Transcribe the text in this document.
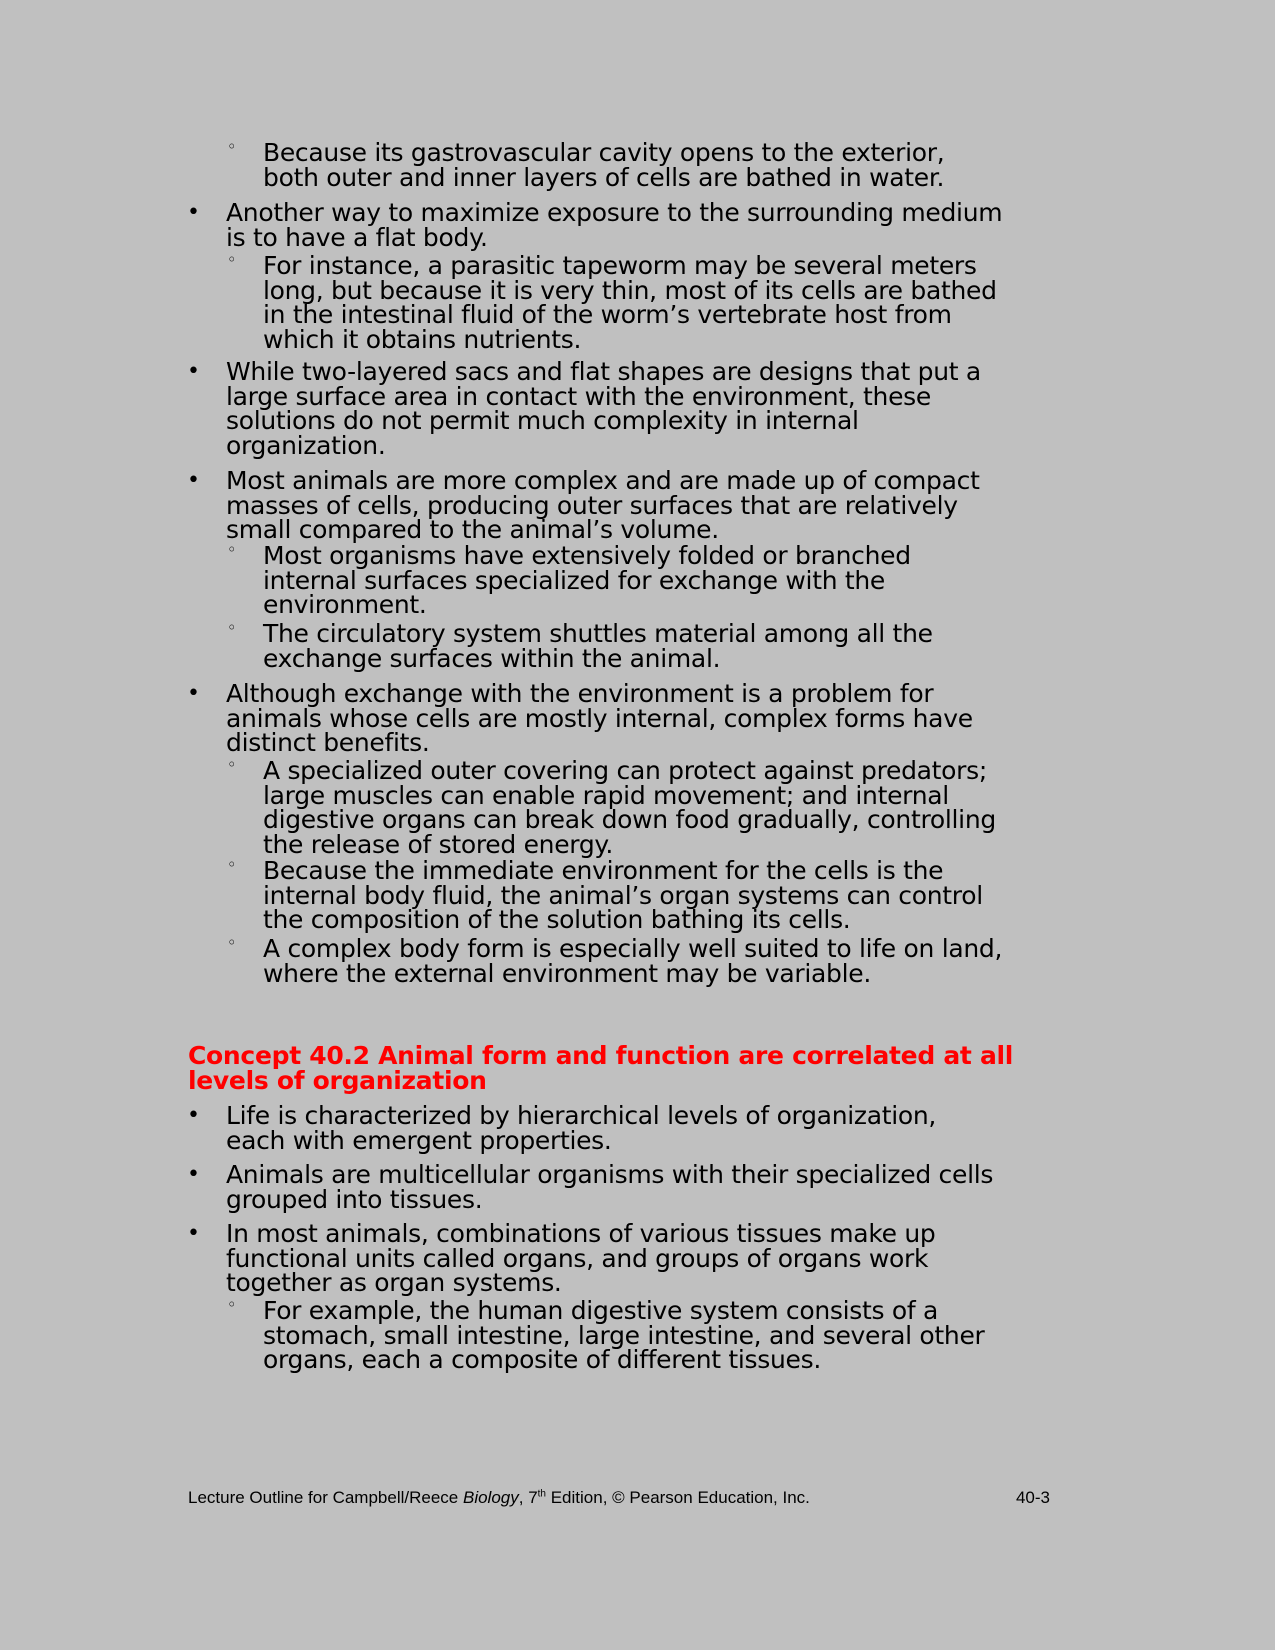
◦ Because its gastrovascular cavity opens to the exterior,
both outer and inner layers of cells are bathed in water.
• Another way to maximize exposure to the surrounding medium
is to have a flat body.
◦ For instance, a parasitic tapeworm may be several meters
long, but because it is very thin, most of its cells are bathed
in the intestinal fluid of the worm’s vertebrate host from
which it obtains nutrients.
• While two-layered sacs and flat shapes are designs that put a
large surface area in contact with the environment, these
solutions do not permit much complexity in internal
organization.
• Most animals are more complex and are made up of compact
masses of cells, producing outer surfaces that are relatively
small compared to the animal’s volume.
◦ Most organisms have extensively folded or branched
internal surfaces specialized for exchange with the
environment.
◦ The circulatory system shuttles material among all the
exchange surfaces within the animal.
• Although exchange with the environment is a problem for
animals whose cells are mostly internal, complex forms have
distinct benefits.
◦ A specialized outer covering can protect against predators;
large muscles can enable rapid movement; and internal
digestive organs can break down food gradually, controlling
the release of stored energy.
◦ Because the immediate environment for the cells is the
internal body fluid, the animal’s organ systems can control
the composition of the solution bathing its cells.
◦ A complex body form is especially well suited to life on land,
where the external environment may be variable.
Concept 40.2 Animal form and function are correlated at all
levels of organization
• Life is characterized by hierarchical levels of organization,
each with emergent properties.
• Animals are multicellular organisms with their specialized cells
grouped into tissues.
• In most animals, combinations of various tissues make up
functional units called organs, and groups of organs work
together as organ systems.
◦ For example, the human digestive system consists of a
stomach, small intestine, large intestine, and several other
organs, each a composite of different tissues.
Lecture Outline for Campbell/Reece Biology, 7th Edition, © Pearson Education, Inc.	40-3
